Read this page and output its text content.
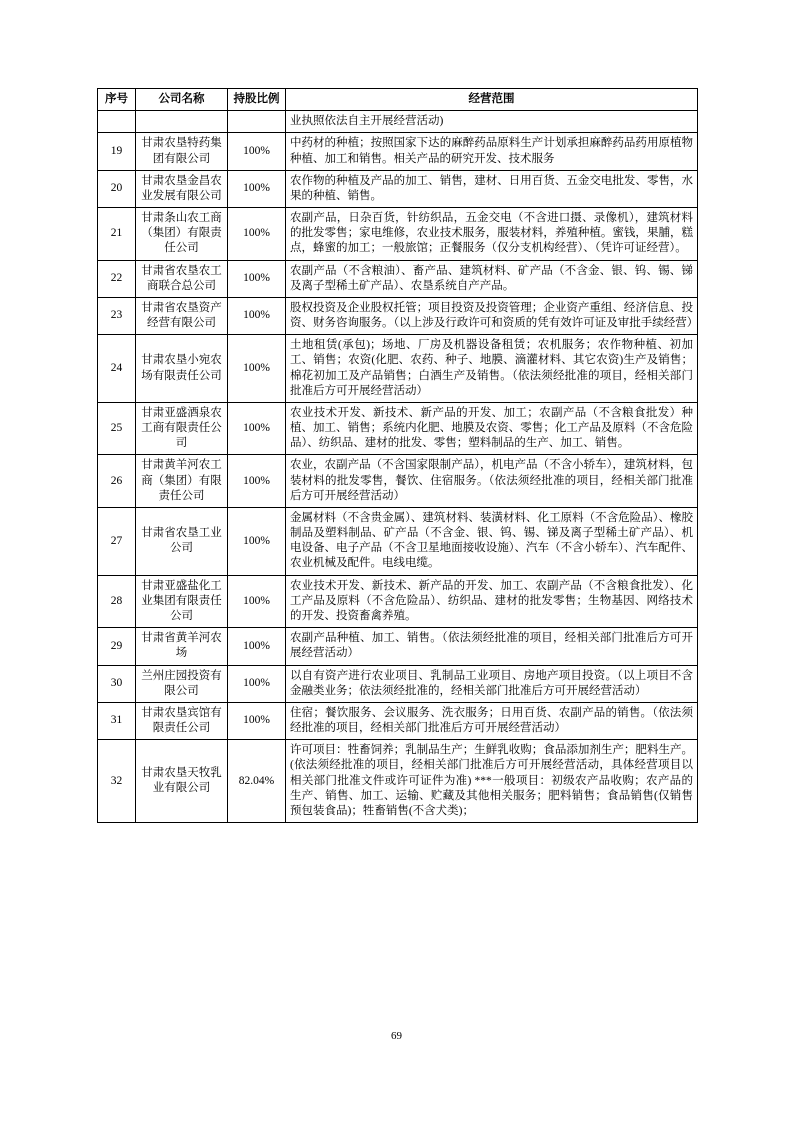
序号	公司名称	持股比例	经营范围
			业执照依法自主开展经营活动)
19	甘肃农垦特药集团有限公司	100%	中药材的种植；按照国家下达的麻醉药品原料生产计划承担麻醉药品药用原植物种植、加工和销售。相关产品的研究开发、技术服务
20	甘肃农垦金昌农业发展有限公司	100%	农作物的种植及产品的加工、销售，建材、日用百货、五金交电批发、零售，水果的种植、销售。
21	甘肃条山农工商（集团）有限责任公司	100%	农副产品，日杂百货，针纺织品，五金交电（不含进口摄、录像机），建筑材料的批发零售；家电维修，农业技术服务，服装材料，养殖种植。蜜钱，果脯，糕点，蜂蜜的加工；一般旅馆；正餐服务（仅分支机构经营）、（凭许可证经营）。
22	甘肃省农垦农工商联合总公司	100%	农副产品（不含粮油）、畜产品、建筑材料、矿产品（不含金、银、钨、锡、锑及离子型稀土矿产品）、农垦系统自产产品。
23	甘肃省农垦资产经营有限公司	100%	股权投资及企业股权托管；项目投资及投资管理；企业资产重组、经济信息、投资、财务咨询服务。（以上涉及行政许可和资质的凭有效许可证及审批手续经营）
24	甘肃农垦小宛农场有限责任公司	100%	土地租赁(承包)；场地、厂房及机器设备租赁；农机服务；农作物种植、初加工、销售；农资(化肥、农药、种子、地膜、滴灌材料、其它农资)生产及销售；棉花初加工及产品销售；白酒生产及销售。（依法须经批准的项目，经相关部门批准后方可开展经营活动）
25	甘肃亚盛酒泉农工商有限责任公司	100%	农业技术开发、新技术、新产品的开发、加工；农副产品（不含粮食批发）种植、加工、销售；系统内化肥、地膜及农资、零售；化工产品及原料（不含危险品）、纺织品、建材的批发、零售；塑料制品的生产、加工、销售。
26	甘肃黄羊河农工商（集团）有限责任公司	100%	农业，农副产品（不含国家限制产品），机电产品（不含小轿车），建筑材料，包装材料的批发零售，餐饮、住宿服务。（依法须经批准的项目，经相关部门批准后方可开展经营活动）
27	甘肃省农垦工业公司	100%	金属材料（不含贵金属）、建筑材料、装潢材料、化工原料（不含危险品）、橡胶制品及塑料制品、矿产品（不含金、银、钨、锡、锑及离子型稀土矿产品）、机电设备、电子产品（不含卫星地面接收设施）、汽车（不含小轿车）、汽车配件、农业机械及配件。电线电缆。
28	甘肃亚盛盐化工业集团有限责任公司	100%	农业技术开发、新技术、新产品的开发、加工、农副产品（不含粮食批发）、化工产品及原料（不含危险品）、纺织品、建材的批发零售；生物基因、网络技术的开发、投资畜禽养殖。
29	甘肃省黄羊河农场	100%	农副产品种植、加工、销售。（依法须经批准的项目，经相关部门批准后方可开展经营活动）
30	兰州庄园投资有限公司	100%	以自有资产进行农业项目、乳制品工业项目、房地产项目投资。（以上项目不含金融类业务；依法须经批准的，经相关部门批准后方可开展经营活动）
31	甘肃农垦宾馆有限责任公司	100%	住宿；餐饮服务、会议服务、洗衣服务；日用百货、农副产品的销售。（依法须经批准的项目，经相关部门批准后方可开展经营活动）
32	甘肃农垦天牧乳业有限公司	82.04%	许可项目：牲畜饲养；乳制品生产；生鲜乳收购；食品添加剂生产；肥料生产。(依法须经批准的项目，经相关部门批准后方可开展经营活动，具体经营项目以相关部门批准文件或许可证件为准) ***一般项目：初级农产品收购；农产品的生产、销售、加工、运输、贮藏及其他相关服务；肥料销售；食品销售(仅销售预包装食品)；牲畜销售(不含犬类)；
69
